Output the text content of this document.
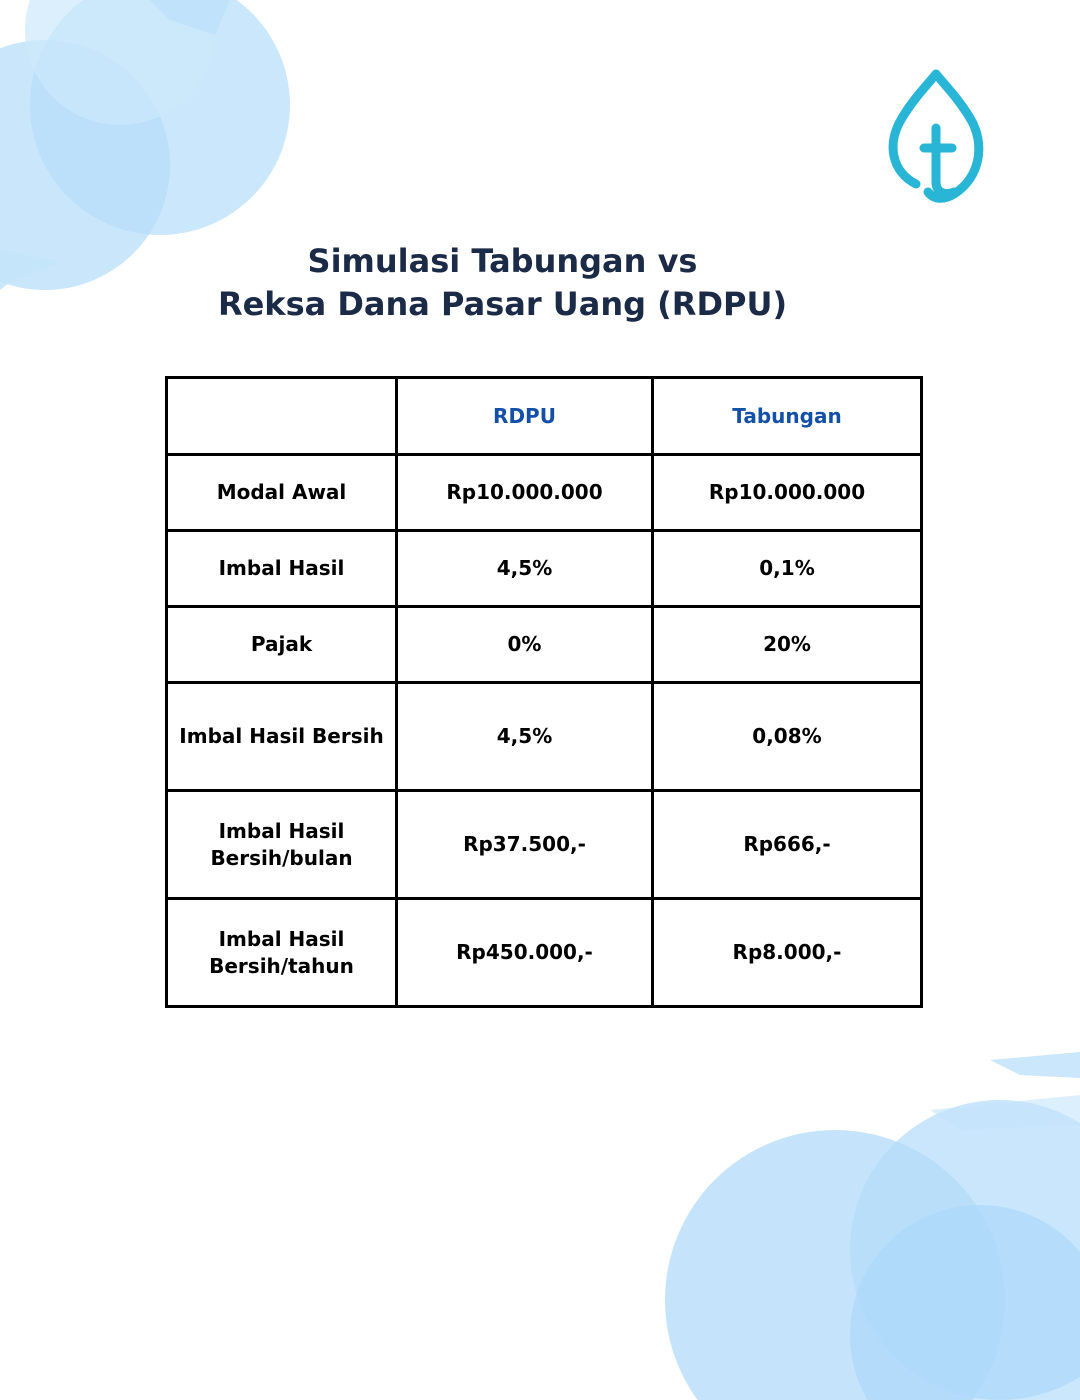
Simulasi Tabungan vs
Reksa Dana Pasar Uang (RDPU)
	RDPU	Tabungan
Modal Awal	Rp10.000.000	Rp10.000.000
Imbal Hasil	4,5%	0,1%
Pajak	0%	20%
Imbal Hasil Bersih	4,5%	0,08%
Imbal Hasil Bersih/bulan	Rp37.500,-	Rp666,-
Imbal Hasil Bersih/tahun	Rp450.000,-	Rp8.000,-
